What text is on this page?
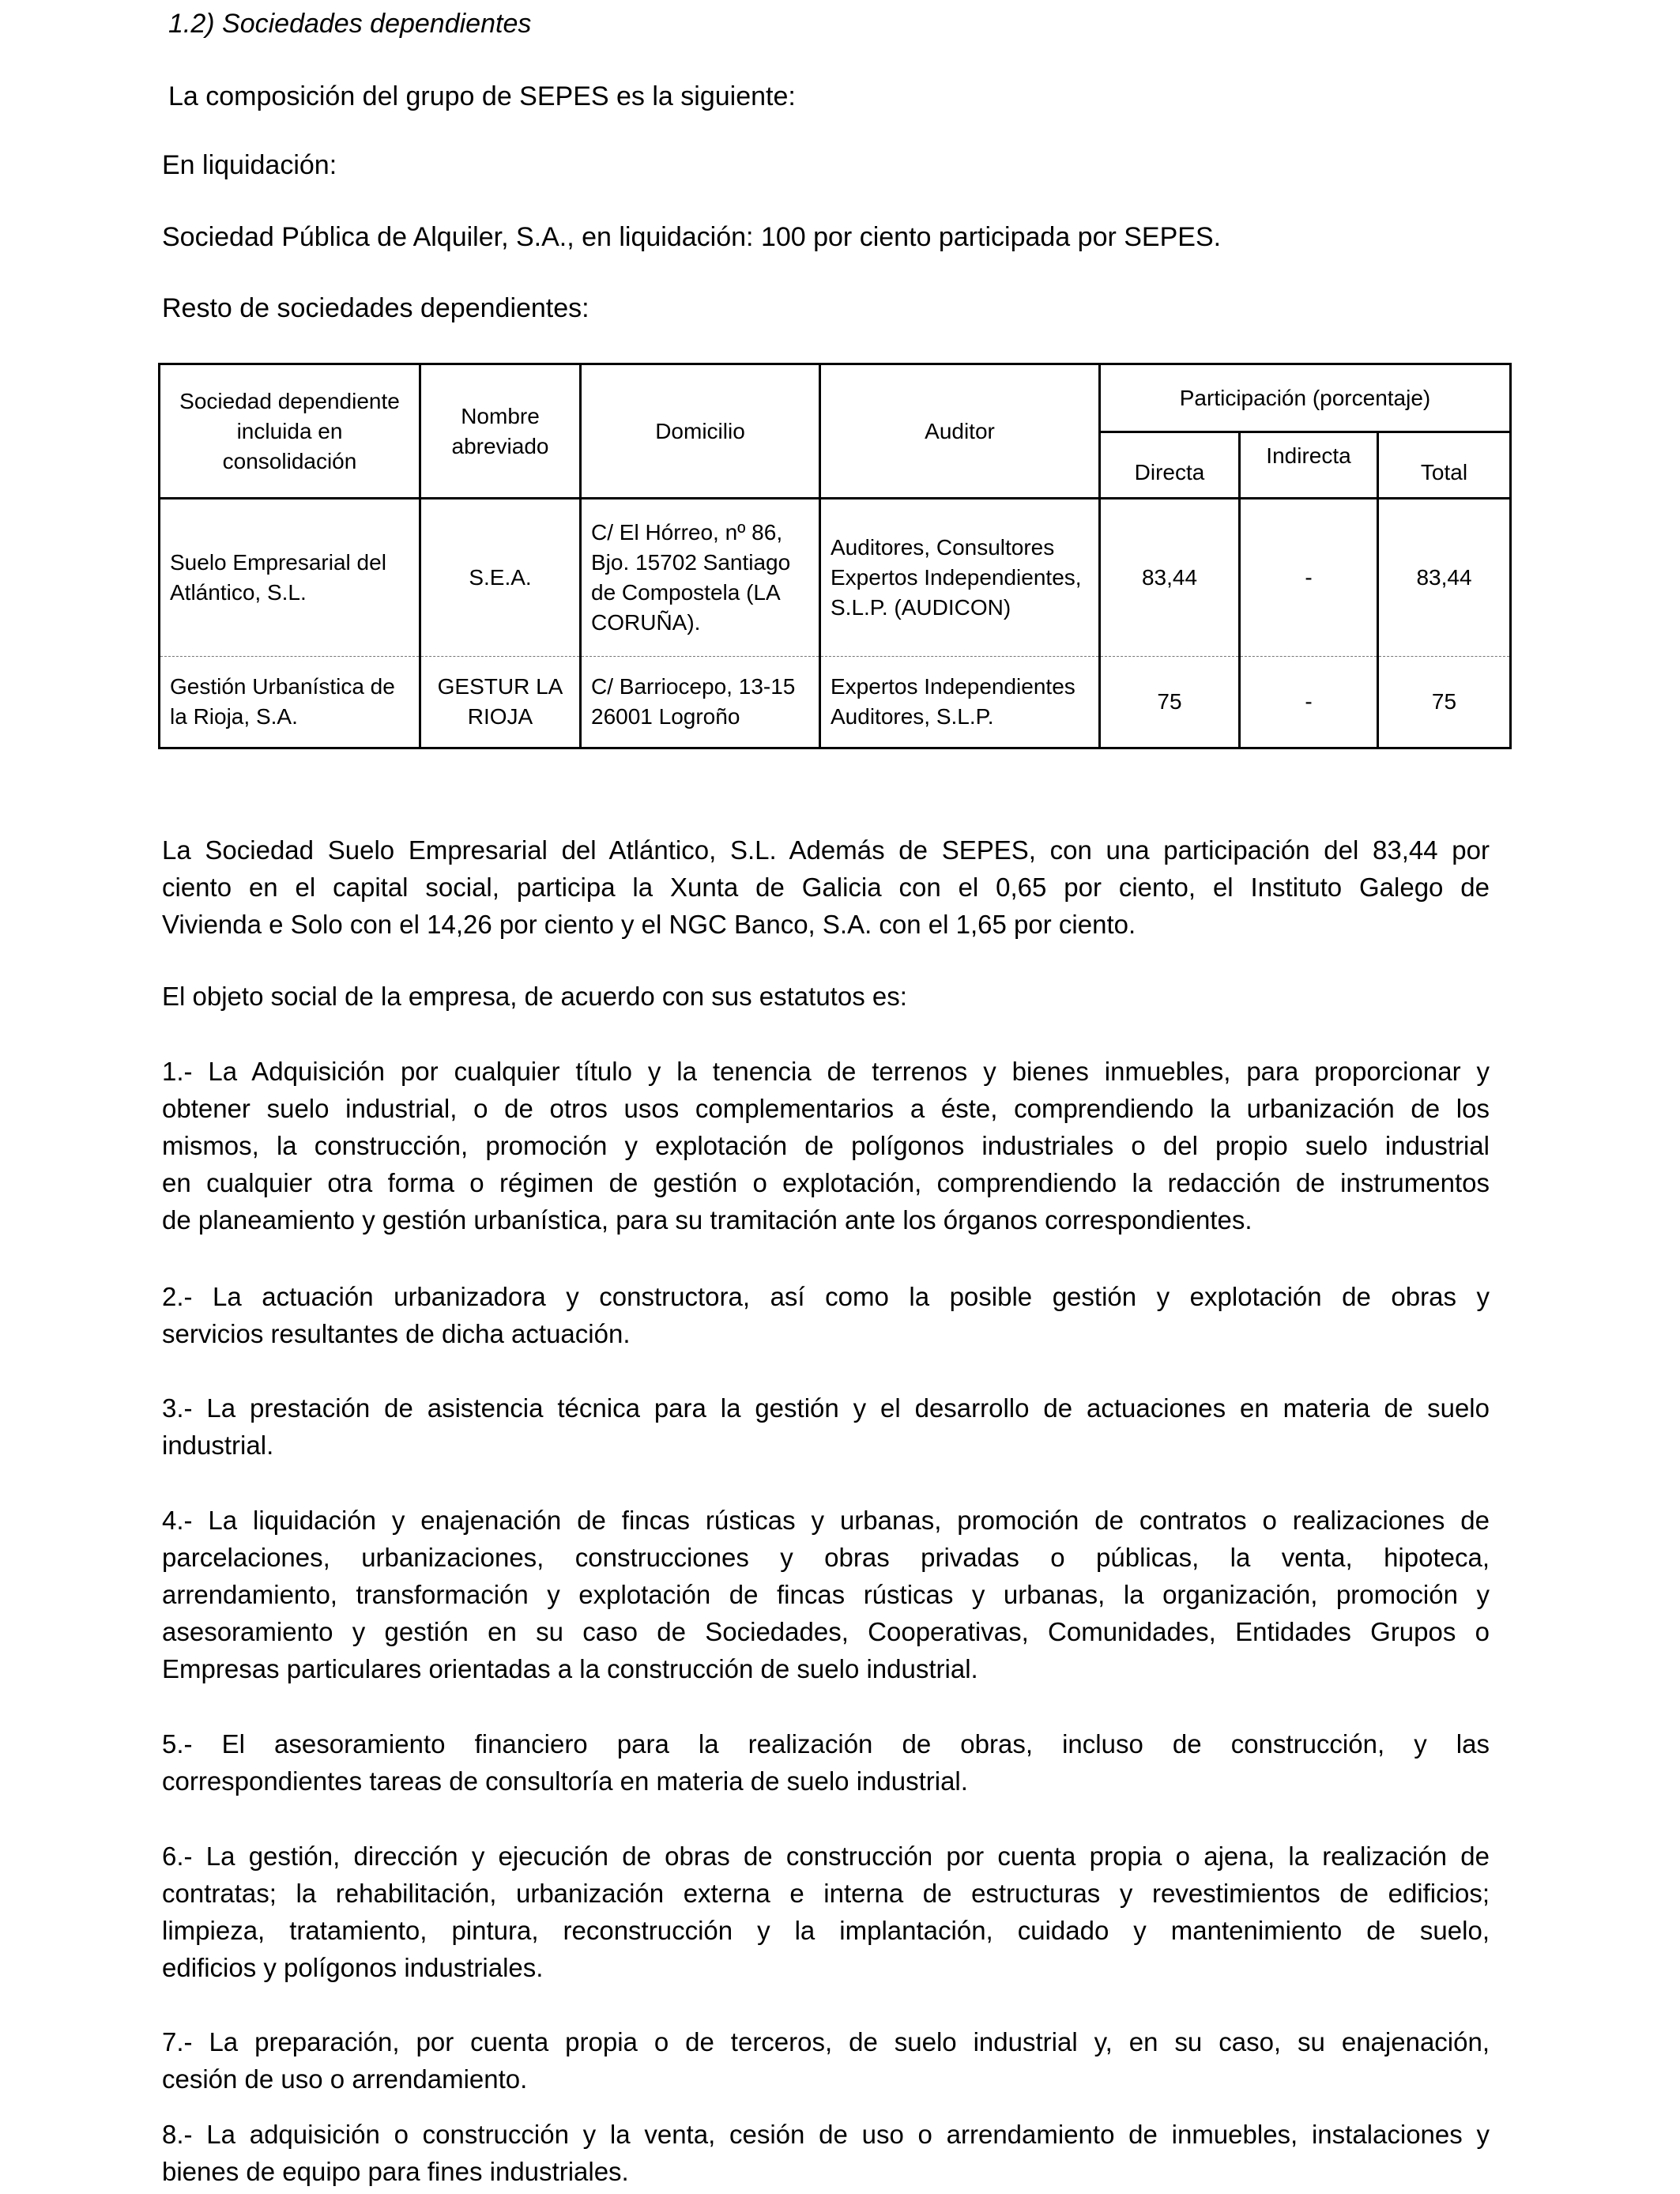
1.2) Sociedades dependientes
La composición del grupo de SEPES es la siguiente:
En liquidación:
Sociedad Pública de Alquiler, S.A., en liquidación: 100 por ciento participada por SEPES.
Resto de sociedades dependientes:
Sociedad dependiente incluida en consolidación	Nombre abreviado	Domicilio	Auditor	Participación (porcentaje)		
				Directa	Indirecta	Total
Suelo Empresarial del Atlántico, S.L.	S.E.A.	C/ El Hórreo, nº 86, Bjo. 15702 Santiago de Compostela (LA CORUÑA).	Auditores, Consultores Expertos Independientes, S.L.P. (AUDICON)	83,44	-	83,44
Gestión Urbanística de la Rioja, S.A.	GESTUR LA RIOJA	C/ Barriocepo, 13-15 26001 Logroño	Expertos Independientes Auditores, S.L.P.	75	-	75
La Sociedad Suelo Empresarial del Atlántico, S.L. Además de SEPES, con una participación del 83,44 por
ciento en el capital social, participa la Xunta de Galicia con el 0,65 por ciento, el Instituto Galego de
Vivienda e Solo con el 14,26 por ciento y el NGC Banco, S.A. con el 1,65 por ciento.
El objeto social de la empresa, de acuerdo con sus estatutos es:
1.- La Adquisición por cualquier título y la tenencia de terrenos y bienes inmuebles, para proporcionar y
obtener suelo industrial, o de otros usos complementarios a éste, comprendiendo la urbanización de los
mismos, la construcción, promoción y explotación de polígonos industriales o del propio suelo industrial
en cualquier otra forma o régimen de gestión o explotación, comprendiendo la redacción de instrumentos
de planeamiento y gestión urbanística, para su tramitación ante los órganos correspondientes.
2.- La actuación urbanizadora y constructora, así como la posible gestión y explotación de obras y
servicios resultantes de dicha actuación.
3.- La prestación de asistencia técnica para la gestión y el desarrollo de actuaciones en materia de suelo
industrial.
4.- La liquidación y enajenación de fincas rústicas y urbanas, promoción de contratos o realizaciones de
parcelaciones, urbanizaciones, construcciones y obras privadas o públicas, la venta, hipoteca,
arrendamiento, transformación y explotación de fincas rústicas y urbanas, la organización, promoción y
asesoramiento y gestión en su caso de Sociedades, Cooperativas, Comunidades, Entidades Grupos o
Empresas particulares orientadas a la construcción de suelo industrial.
5.- El asesoramiento financiero para la realización de obras, incluso de construcción, y las
correspondientes tareas de consultoría en materia de suelo industrial.
6.- La gestión, dirección y ejecución de obras de construcción por cuenta propia o ajena, la realización de
contratas; la rehabilitación, urbanización externa e interna de estructuras y revestimientos de edificios;
limpieza, tratamiento, pintura, reconstrucción y la implantación, cuidado y mantenimiento de suelo,
edificios y polígonos industriales.
7.- La preparación, por cuenta propia o de terceros, de suelo industrial y, en su caso, su enajenación,
cesión de uso o arrendamiento.
8.- La adquisición o construcción y la venta, cesión de uso o arrendamiento de inmuebles, instalaciones y
bienes de equipo para fines industriales.
